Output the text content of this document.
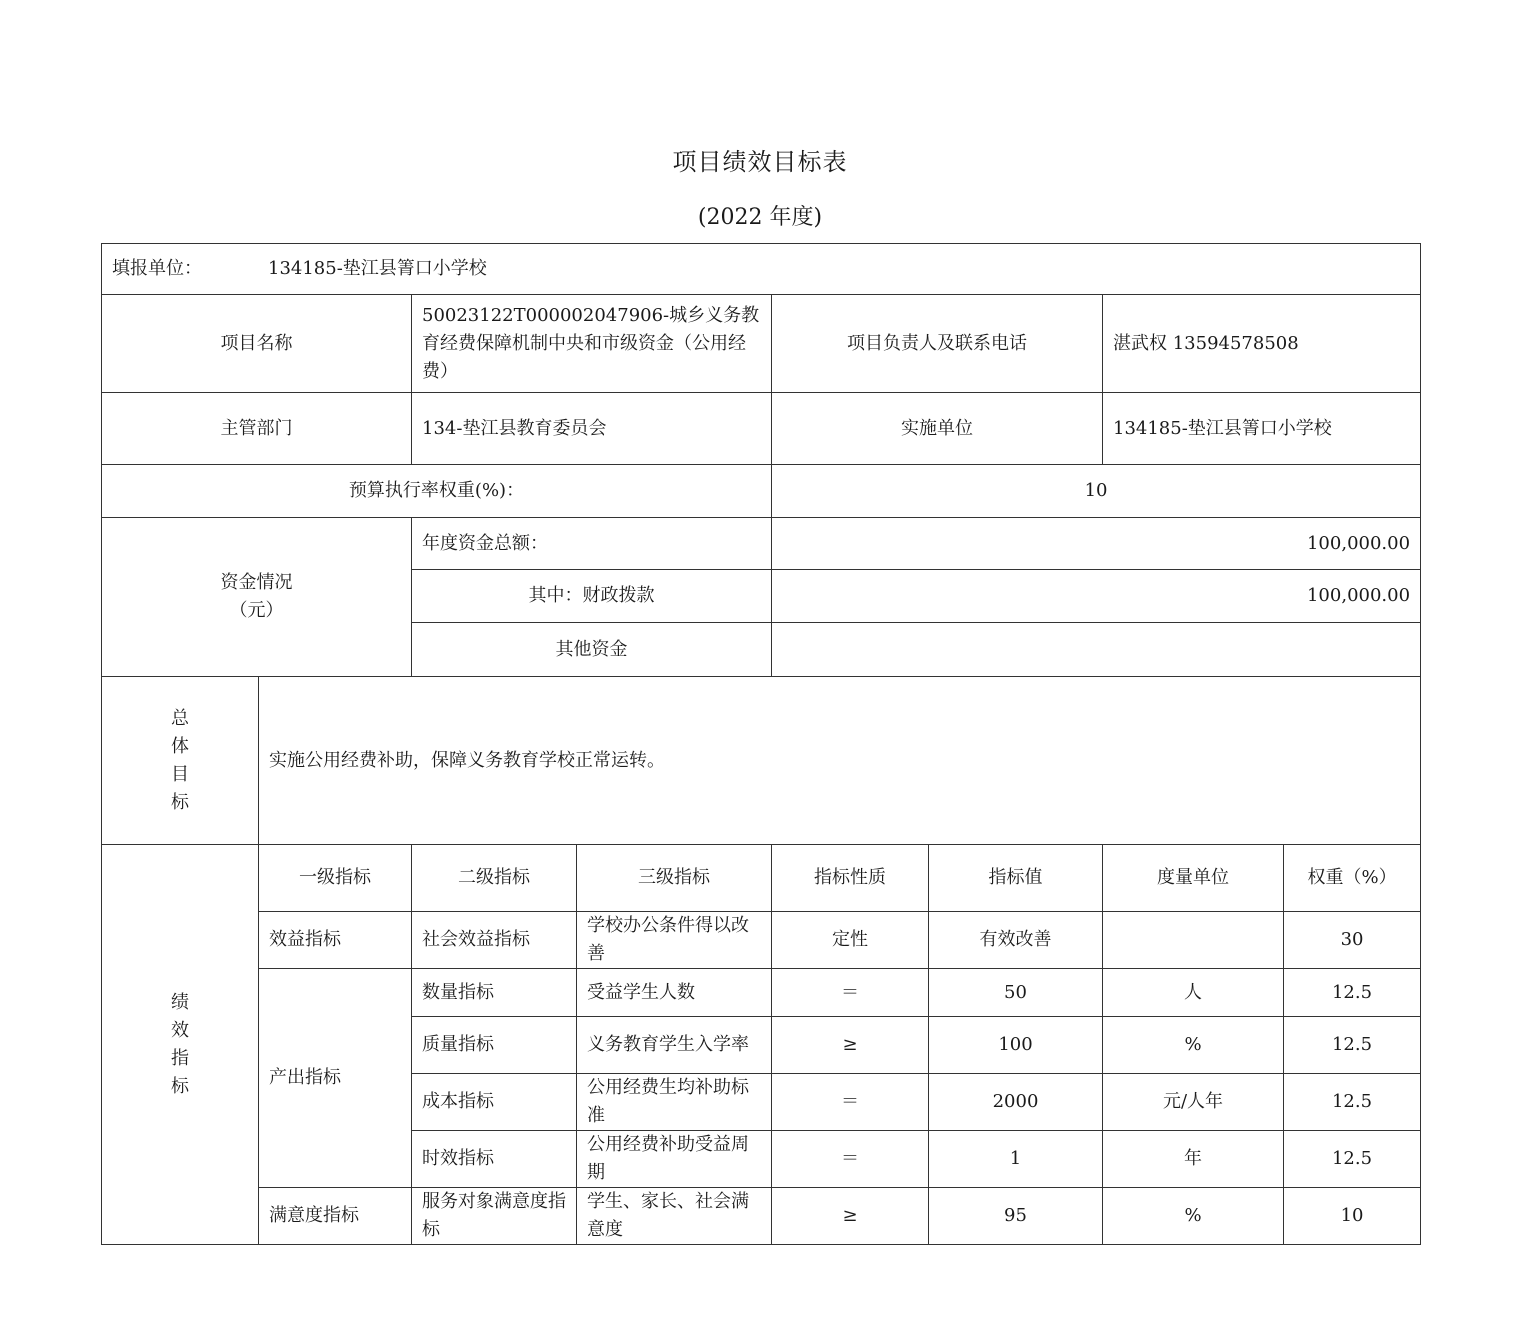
项目绩效目标表
(2022 年度)
填报单位： 134185-垫江县箐口小学校							
项目名称		50023122T000002047906-城乡义务教育经费保障机制中央和市级资金（公用经费）		项目负责人及联系电话		湛武权 13594578508	
主管部门		134-垫江县教育委员会		实施单位		134185-垫江县箐口小学校	
预算执行率权重(%)：				10			

资金情况
（元）		年度资金总额：		100,000.00			
		其中：财政拨款		100,000.00			
		其他资金					

总
体
目
标	实施公用经费补助，保障义务教育学校正常运转。						

绩
效
指
标	一级指标	二级指标	三级指标	指标性质	指标值	度量单位	权重（%）
	效益指标	社会效益指标	学校办公条件得以改善	定性	有效改善		30
	产出指标	数量指标	受益学生人数	＝	50	人	12.5
		质量指标	义务教育学生入学率	≥	100	%	12.5
		成本指标	公用经费生均补助标准	＝	2000	元/人年	12.5
		时效指标	公用经费补助受益周期	＝	1	年	12.5
	满意度指标	服务对象满意度指标	学生、家长、社会满意度	≥	95	%	10
